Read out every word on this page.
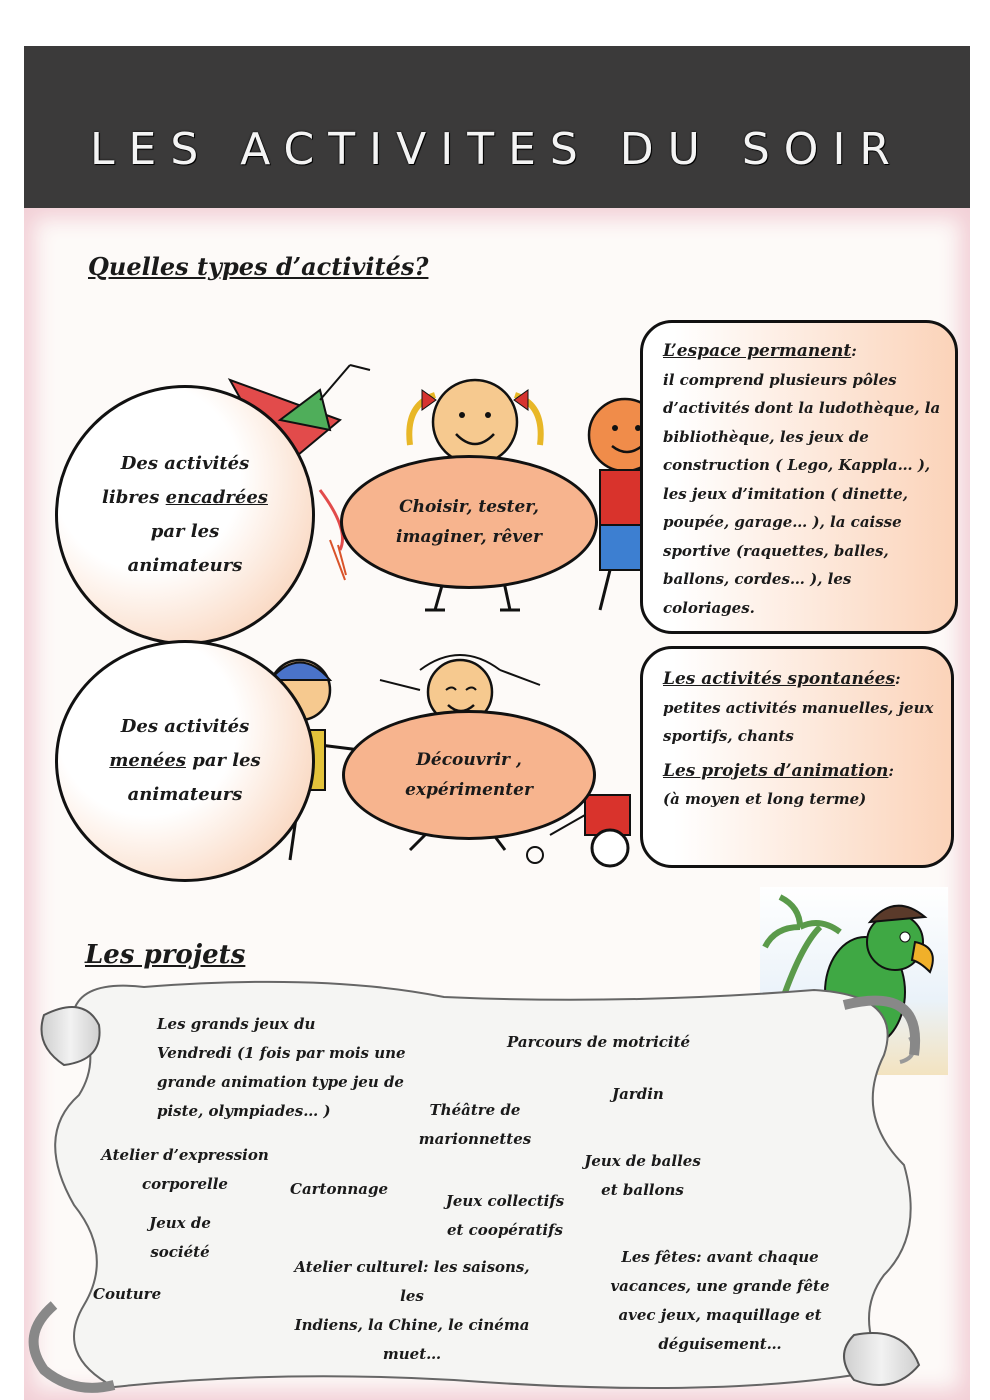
LES ACTIVITES DU SOIR
Quelles types d’activités?
Des activités
libres encadrées
par les
animateurs
Choisir, tester,
imaginer, rêver
L’espace permanent:
il comprend plusieurs pôles
d’activités dont la ludothèque, la
bibliothèque, les jeux de
construction ( Lego, Kappla… ),
les jeux d’imitation ( dinette,
poupée, garage… ), la caisse
sportive (raquettes, balles,
ballons, cordes… ), les coloriages.
Des activités
menées par les
animateurs
Découvrir ,
expérimenter
Les activités spontanées:
petites activités manuelles, jeux
sportifs, chants
Les projets d’animation:
(à moyen et long terme)
Les projets
Les grands jeux du
Vendredi (1 fois par mois une
grande animation type jeu de
piste, olympiades… )
Parcours de motricité
Jardin
Théâtre de
marionnettes
Atelier d’expression
corporelle	Cartonnage
Jeux de balles
et ballons
Jeux collectifs
et coopératifs
Jeux de
société
Atelier culturel: les saisons, les
Indiens, la Chine, le cinéma
muet…
Les fêtes: avant chaque
vacances, une grande fête
avec jeux, maquillage et
déguisement…
Couture
